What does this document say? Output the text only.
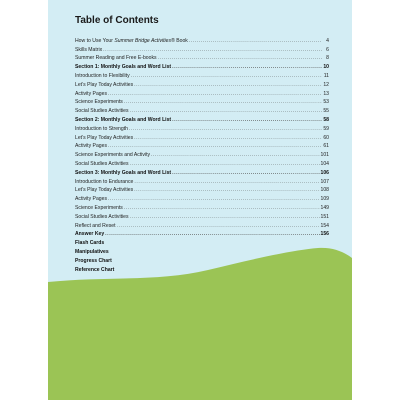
Table of Contents
How to Use Your Summer Bridge Activities® Book .....	4
Skills Matrix .....	6
Summer Reading and Free E-books .....	8
Section 1: Monthly Goals and Word List .....	10
Introduction to Flexibility .....	11
Let’s Play Today Activities .....	12
Activity Pages .....	13
Science Experiments .....	53
Social Studies Activities .....	55
Section 2: Monthly Goals and Word List .....	58
Introduction to Strength .....	59
Let’s Play Today Activities .....	60
Activity Pages .....	61
Science Experiments and Activity .....	101
Social Studies Activities .....	104
Section 3: Monthly Goals and Word List .....	106
Introduction to Endurance .....	107
Let’s Play Today Activities .....	108
Activity Pages .....	109
Science Experiments .....	149
Social Studies Activities .....	151
Reflect and Reset .....	154
Answer Key .....	156
Flash Cards
Manipulatives
Progress Chart
Reference Chart
